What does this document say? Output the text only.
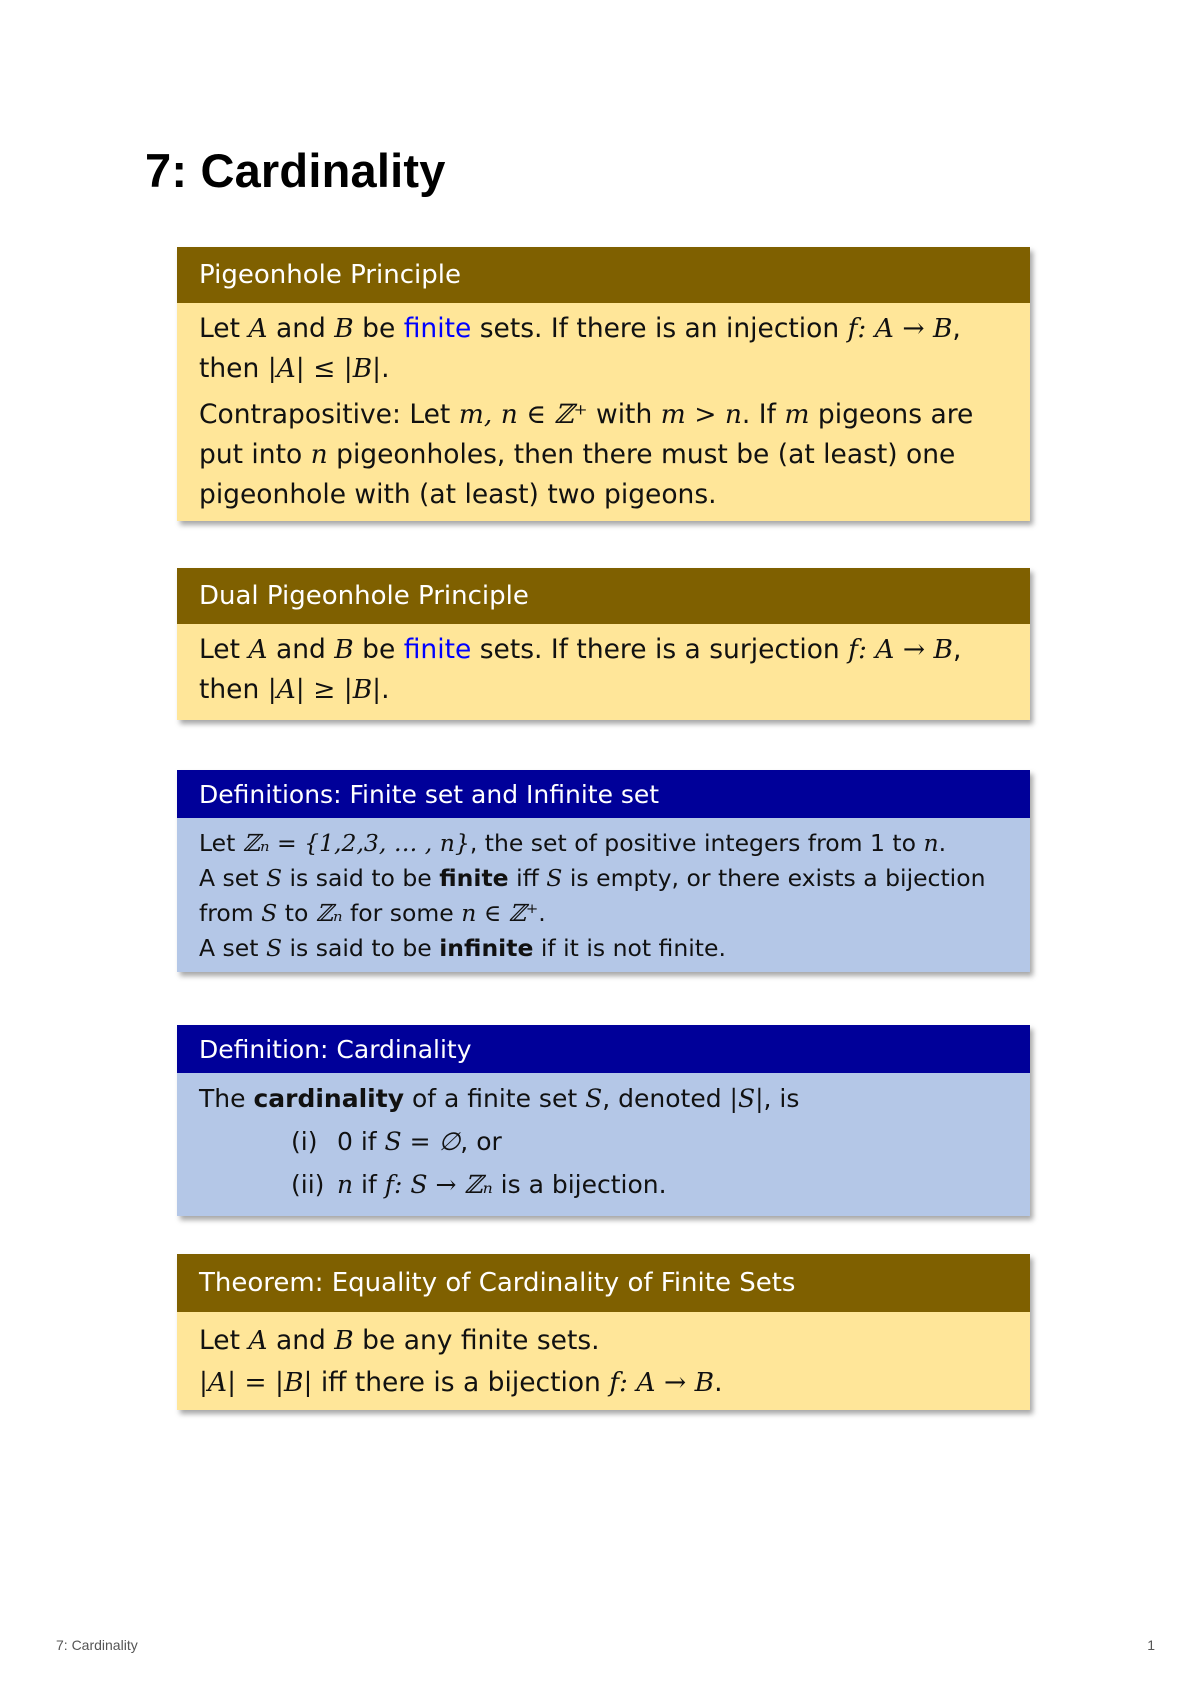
7: Cardinality
Pigeonhole Principle
Let A and B be finite sets. If there is an injection f: A → B,
then |A| ≤ |B|.
Contrapositive: Let m, n ∈ ℤ⁺ with m > n. If m pigeons are
put into n pigeonholes, then there must be (at least) one
pigeonhole with (at least) two pigeons.
Dual Pigeonhole Principle
Let A and B be finite sets. If there is a surjection f: A → B,
then |A| ≥ |B|.
Definitions: Finite set and Infinite set
Let ℤₙ = {1,2,3, … , n}, the set of positive integers from 1 to n.
A set S is said to be finite iff S is empty, or there exists a bijection
from S to ℤₙ for some n ∈ ℤ⁺.
A set S is said to be infinite if it is not finite.
Definition: Cardinality
The cardinality of a finite set S, denoted |S|, is
(i) 0 if S = ∅, or
(ii) n if f: S → ℤₙ is a bijection.
Theorem: Equality of Cardinality of Finite Sets
Let A and B be any finite sets.
|A| = |B| iff there is a bijection f: A → B.
7: Cardinality	1
